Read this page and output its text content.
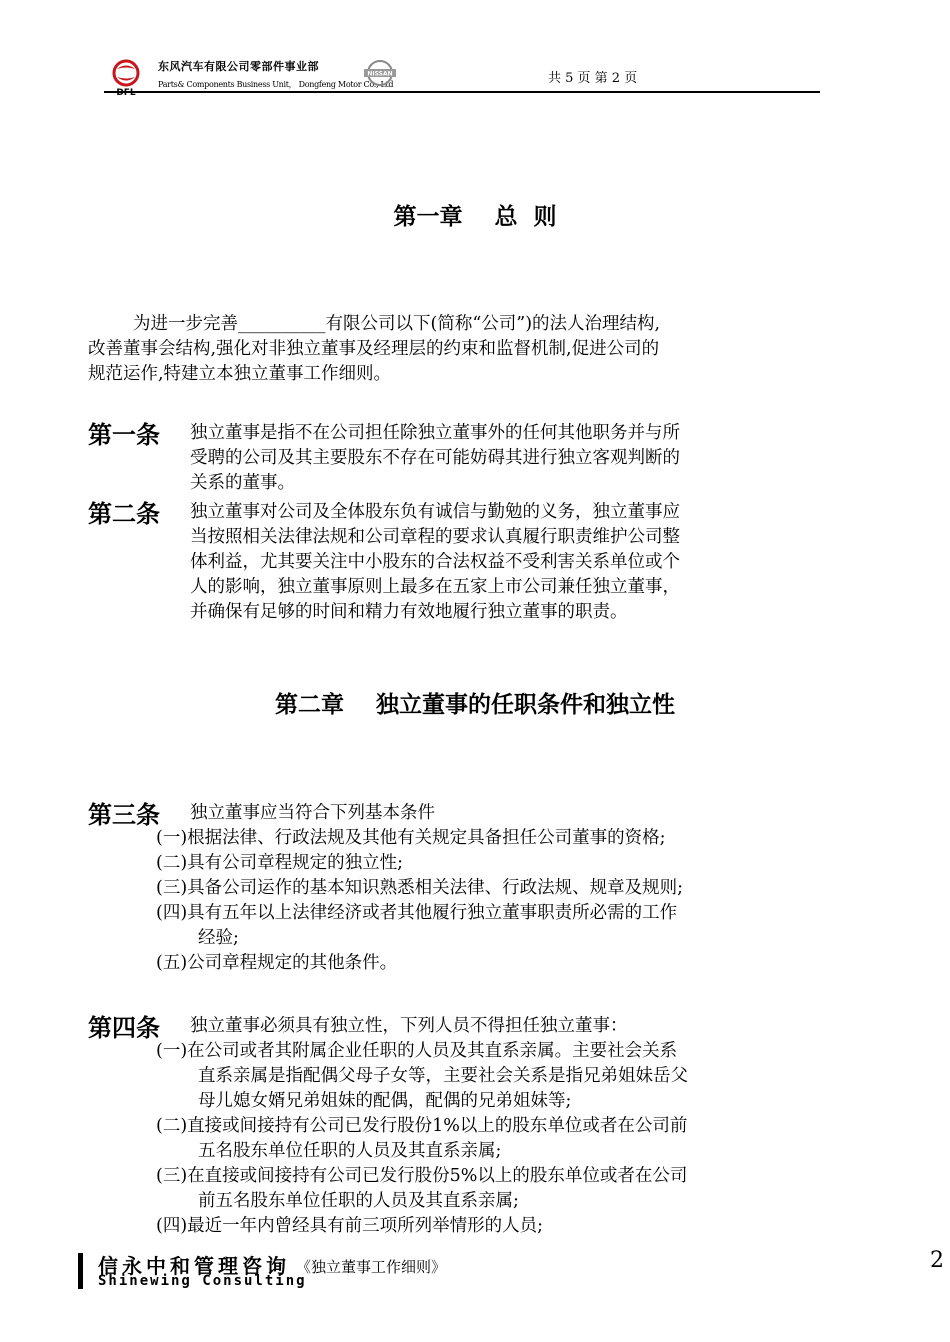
DFL
东风汽车有限公司零部件事业部
Parts& Components Business Unit， Dongfeng Motor Co., Ltd
NISSAN	共 5 页 第 2 页
第一章    总  则
为进一步完善__________有限公司以下(简称“公司”)的法人治理结构,
改善董事会结构,强化对非独立董事及经理层的约束和监督机制,促进公司的
规范运作,特建立本独立董事工作细则。
第一条 独立董事是指不在公司担任除独立董事外的任何其他职务并与所
受聘的公司及其主要股东不存在可能妨碍其进行独立客观判断的
关系的董事。
第二条 独立董事对公司及全体股东负有诚信与勤勉的义务，独立董事应
当按照相关法律法规和公司章程的要求认真履行职责维护公司整
体利益，尤其要关注中小股东的合法权益不受利害关系单位或个
人的影响，独立董事原则上最多在五家上市公司兼任独立董事，
并确保有足够的时间和精力有效地履行独立董事的职责。
第二章    独立董事的任职条件和独立性
第三条 独立董事应当符合下列基本条件
(一)根据法律、行政法规及其他有关规定具备担任公司董事的资格;
(二)具有公司章程规定的独立性;
(三)具备公司运作的基本知识熟悉相关法律、行政法规、规章及规则;
(四)具有五年以上法律经济或者其他履行独立董事职责所必需的工作
经验;
(五)公司章程规定的其他条件。
第四条 独立董事必须具有独立性，下列人员不得担任独立董事：
(一)在公司或者其附属企业任职的人员及其直系亲属。主要社会关系
直系亲属是指配偶父母子女等，主要社会关系是指兄弟姐妹岳父
母儿媳女婿兄弟姐妹的配偶，配偶的兄弟姐妹等;
(二)直接或间接持有公司已发行股份1%以上的股东单位或者在公司前
五名股东单位任职的人员及其直系亲属;
(三)在直接或间接持有公司已发行股份5%以上的股东单位或者在公司
前五名股东单位任职的人员及其直系亲属;
(四)最近一年内曾经具有前三项所列举情形的人员;
信永中和管理咨询
Shinewing Consulting
《独立董事工作细则》	2
